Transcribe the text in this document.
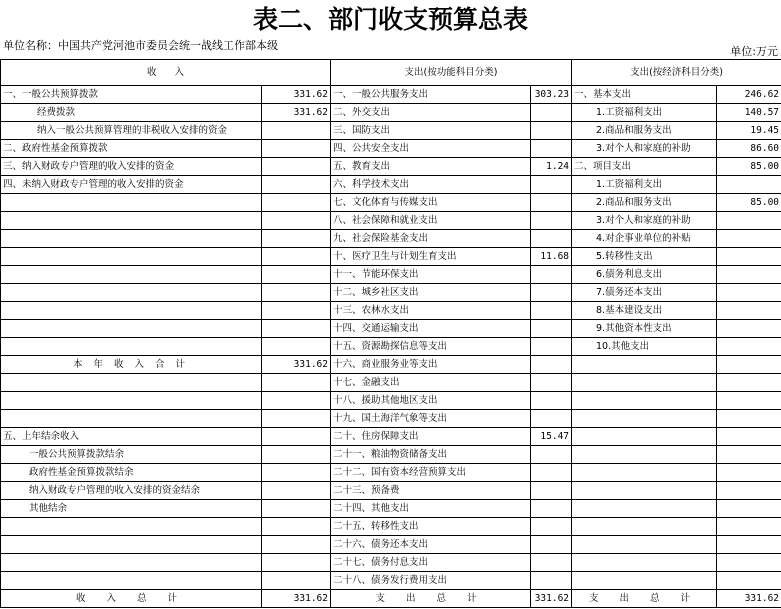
表二、部门收支预算总表
单位名称：中国共产党河池市委员会统一战线工作部本级	单位:万元
收      入		支出(按功能科目分类)		支出(按经济科目分类)	
一、一般公共预算拨款	331.62	一、一般公共服务支出	303.23	一、基本支出	246.62
经费拨款	331.62	二、外交支出		1.工资福利支出	140.57
纳入一般公共预算管理的非税收入安排的资金		三、国防支出		2.商品和服务支出	19.45
二、政府性基金预算拨款		四、公共安全支出		3.对个人和家庭的补助	86.60
三、纳入财政专户管理的收入安排的资金		五、教育支出	1.24	二、项目支出	85.00
四、未纳入财政专户管理的收入安排的资金		六、科学技术支出		1.工资福利支出	
		七、文化体育与传媒支出		2.商品和服务支出	85.00
		八、社会保障和就业支出		3.对个人和家庭的补助	
		九、社会保险基金支出		4.对企事业单位的补贴	
		十、医疗卫生与计划生育支出	11.68	5.转移性支出	
		十一、节能环保支出		6.债务利息支出	
		十二、城乡社区支出		7.债务还本支出	
		十三、农林水支出		8.基本建设支出	
		十四、交通运输支出		9.其他资本性支出	
		十五、资源勘探信息等支出		10.其他支出	
本 年 收 入 合 计	331.62	十六、商业服务业等支出			
		十七、金融支出			
		十八、援助其他地区支出			
		十九、国土海洋气象等支出			
五、上年结余收入		二十、住房保障支出	15.47		
一般公共预算拨款结余		二十一、粮油物资储备支出			
政府性基金预算拨款结余		二十二、国有资本经营预算支出			
纳入财政专户管理的收入安排的资金结余		二十三、预备费			
其他结余		二十四、其他支出			
		二十五、转移性支出			
		二十六、债务还本支出			
		二十七、债务付息支出			
		二十八、债务发行费用支出			
收 入 总 计	331.62	支 出 总 计	331.62	支 出 总 计	331.62
